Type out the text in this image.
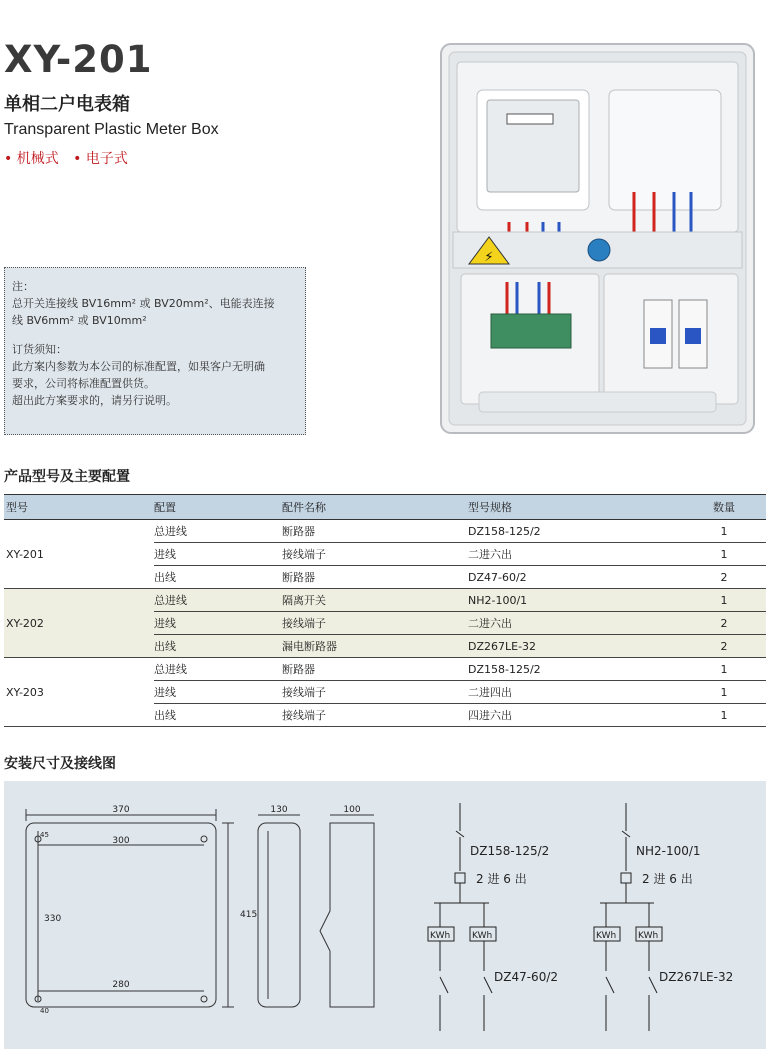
XY-201
单相二户电表箱
Transparent Plastic Meter Box
• 机械式 • 电子式
注：
总开关连接线 BV16mm² 或 BV20mm²、电能表连接
线 BV6mm² 或 BV10mm²
订货须知：
此方案内参数为本公司的标准配置，如果客户无明确
要求，公司将标准配置供货。
超出此方案要求的，请另行说明。
⚡
产品型号及主要配置
型号	配置	配件名称	型号规格	数量
XY-201	总进线	断路器	DZ158-125/2	1
	进线	接线端子	二进六出	1
	出线	断路器	DZ47-60/2	2
XY-202	总进线	隔离开关	NH2-100/1	1
	进线	接线端子	二进六出	2
	出线	漏电断路器	DZ267LE-32	2
XY-203	总进线	断路器	DZ158-125/2	1
	进线	接线端子	二进四出	1
	出线	接线端子	四进六出	1
安装尺寸及接线图
370
300
280
415
330
45
40
130	100
DZ158-125/2
2 进 6 出
KWh KWh
DZ47-60/2
NH2-100/1
2 进 6 出
KWh KWh
DZ267LE-32
